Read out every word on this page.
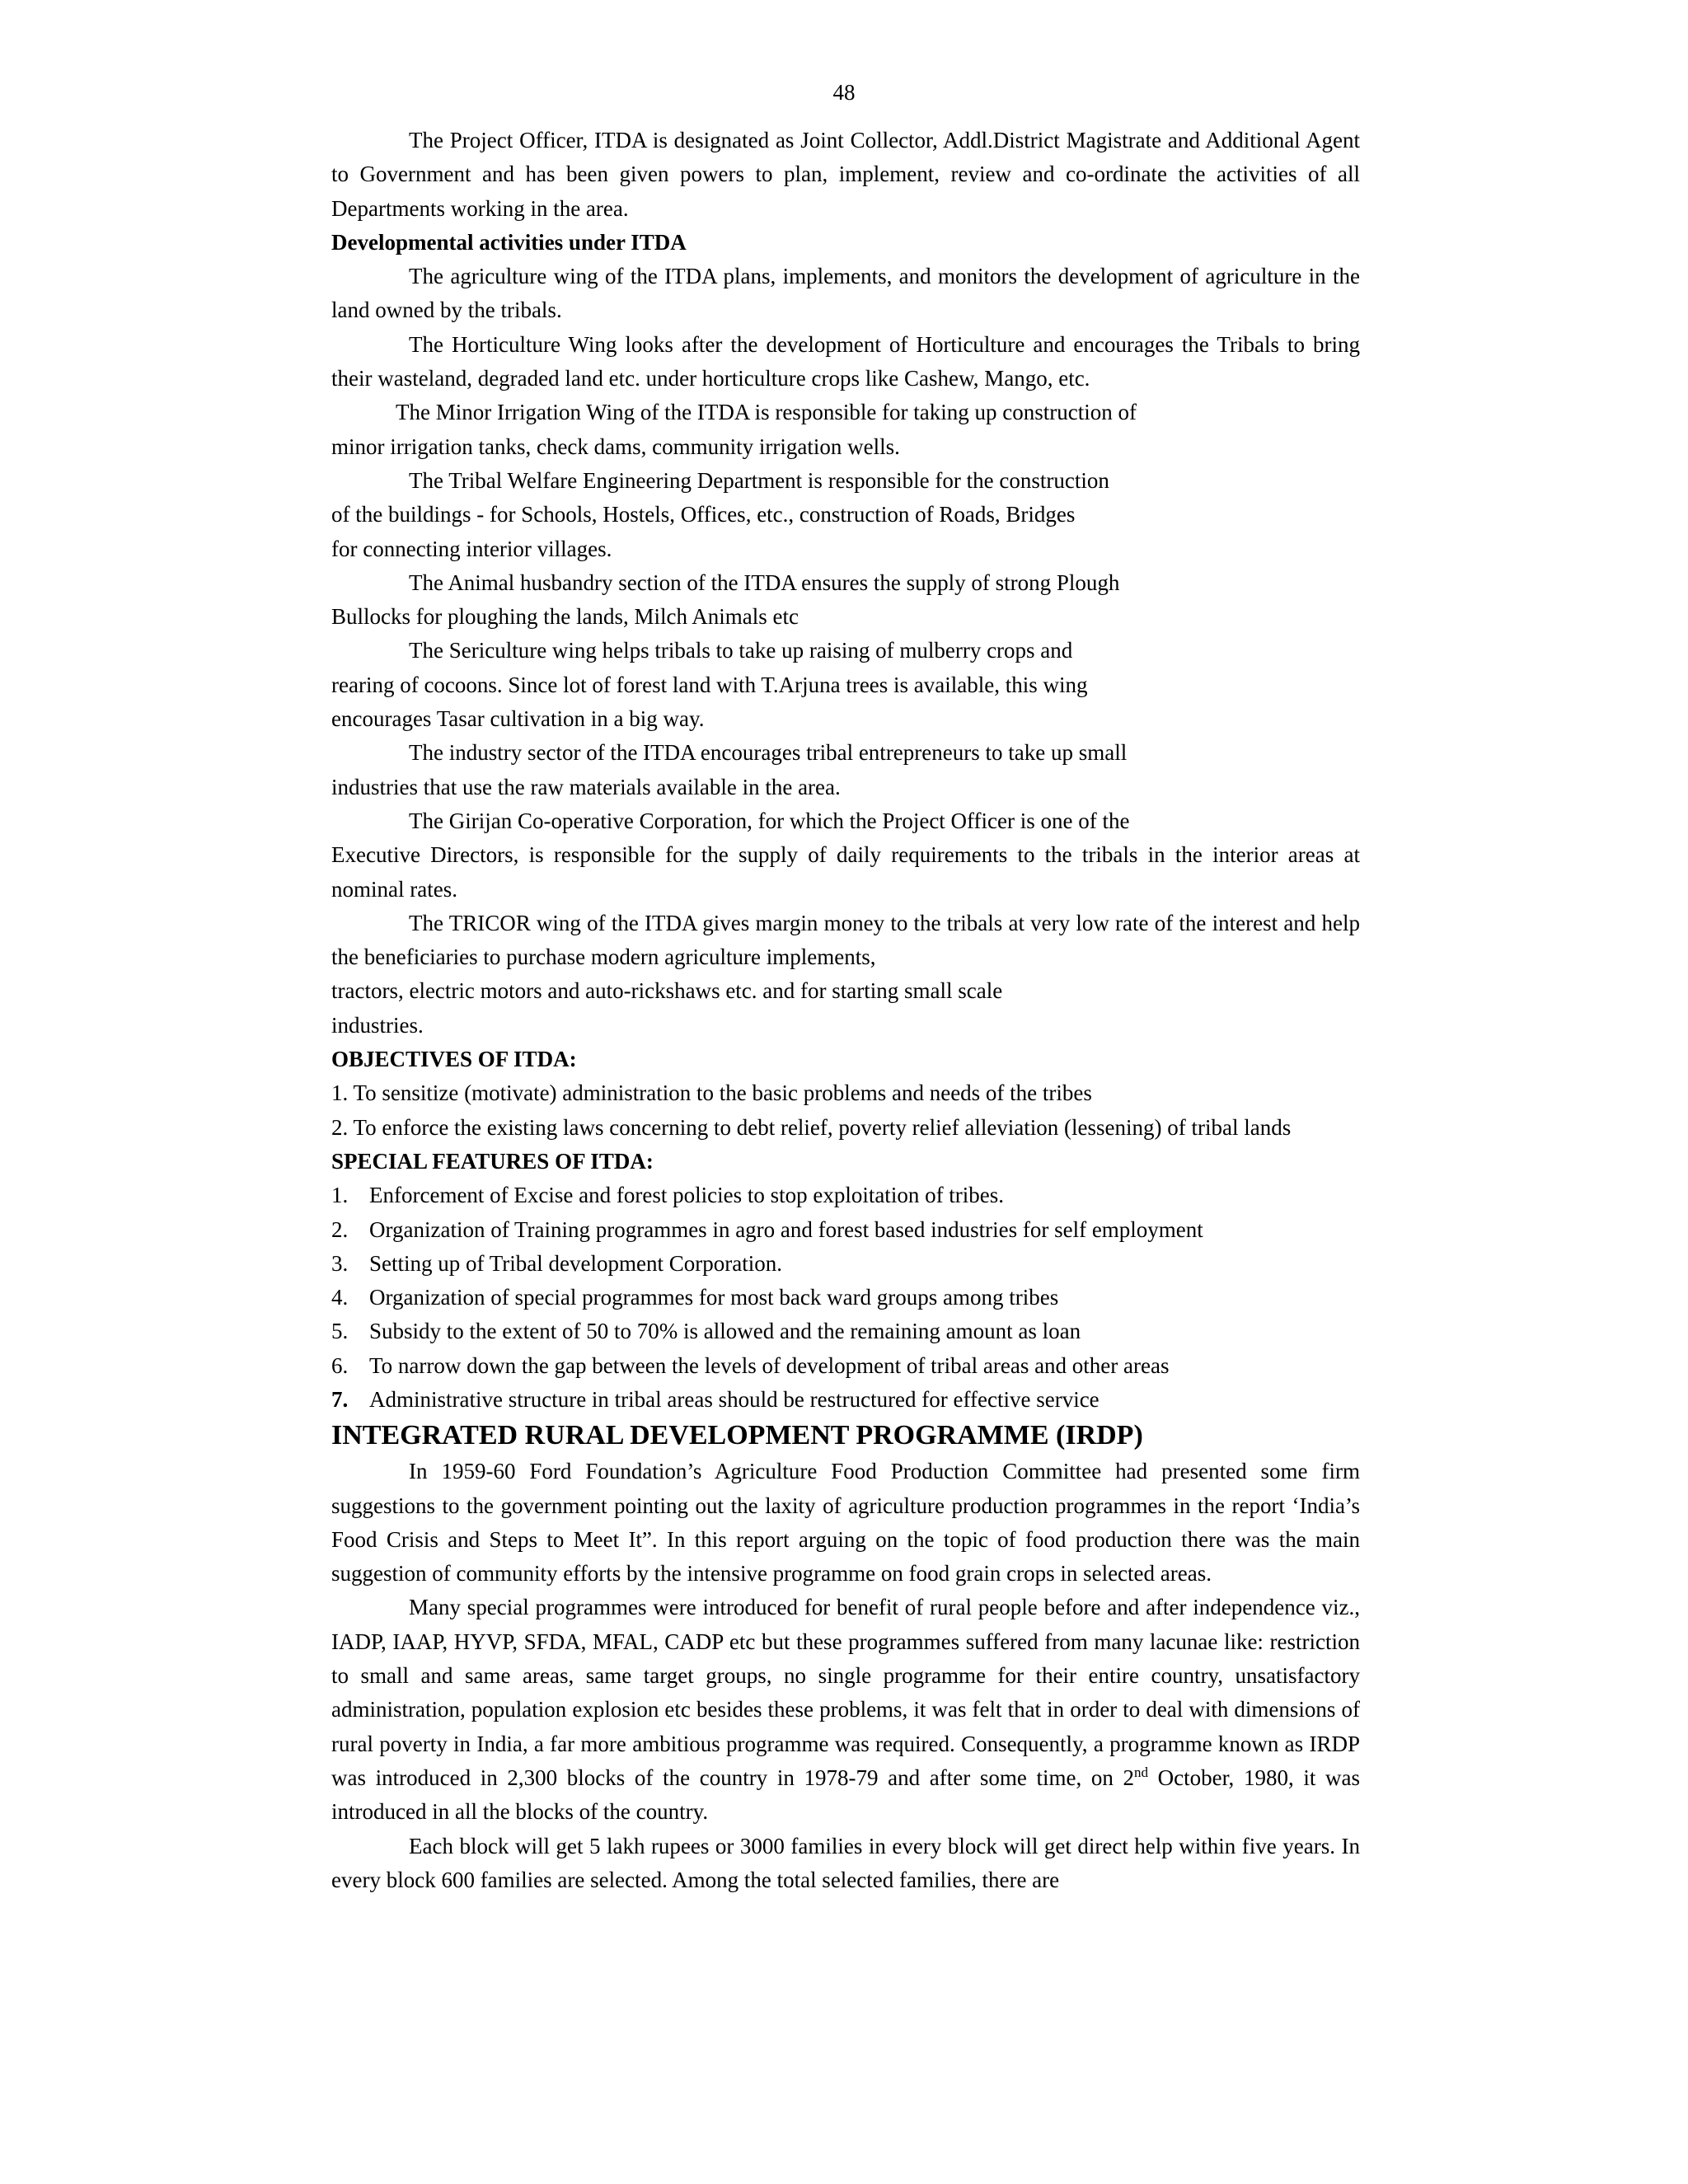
48

The Project Officer, ITDA is designated as Joint Collector, Addl.District Magistrate and Additional Agent to Government and has been given powers to plan, implement, review and co-ordinate the activities of all Departments working in the area.

Developmental activities under ITDA

The agriculture wing of the ITDA plans, implements, and monitors the development of agriculture in the land owned by the tribals.

The Horticulture Wing looks after the development of Horticulture and encourages the Tribals to bring their wasteland, degraded land etc. under horticulture crops like Cashew, Mango, etc.

The Minor Irrigation Wing of the ITDA is responsible for taking up construction of

minor irrigation tanks, check dams, community irrigation wells.

The Tribal Welfare Engineering Department is responsible for the construction

of the buildings - for Schools, Hostels, Offices, etc., construction of Roads, Bridges

for connecting interior villages.

The Animal husbandry section of the ITDA ensures the supply of strong Plough

Bullocks for ploughing the lands, Milch Animals etc

The Sericulture wing helps tribals to take up raising of mulberry crops and

rearing of cocoons. Since lot of forest land with T.Arjuna trees is available, this wing

encourages Tasar cultivation in a big way.

The industry sector of the ITDA encourages tribal entrepreneurs to take up small

industries that use the raw materials available in the area.

The Girijan Co-operative Corporation, for which the Project Officer is one of the

Executive Directors, is responsible for the supply of daily requirements to the tribals in the interior areas at nominal rates.

The TRICOR wing of the ITDA gives margin money to the tribals at very low rate of the interest and help the beneficiaries to purchase modern agriculture implements,

tractors, electric motors and auto-rickshaws etc. and for starting small scale

industries.

OBJECTIVES OF ITDA:
1. To sensitize (motivate) administration to the basic problems and needs of the tribes
2. To enforce the existing laws concerning to debt relief, poverty relief alleviation (lessening) of tribal lands
SPECIAL FEATURES OF ITDA:
1. Enforcement of Excise and forest policies to stop exploitation of tribes.
2. Organization of Training programmes in agro and forest based industries for self employment
3. Setting up of Tribal development Corporation.
4. Organization of special programmes for most back ward groups among tribes
5. Subsidy to the extent of 50 to 70% is allowed and the remaining amount as loan
6. To narrow down the gap between the levels of development of tribal areas and other areas
7. Administrative structure in tribal areas should be restructured for effective service
INTEGRATED RURAL DEVELOPMENT PROGRAMME (IRDP)

In 1959-60 Ford Foundation’s Agriculture Food Production Committee had presented some firm suggestions to the government pointing out the laxity of agriculture production programmes in the report ‘India’s Food Crisis and Steps to Meet It”. In this report arguing on the topic of food production there was the main suggestion of community efforts by the intensive programme on food grain crops in selected areas.

Many special programmes were introduced for benefit of rural people before and after independence viz., IADP, IAAP, HYVP, SFDA, MFAL, CADP etc but these programmes suffered from many lacunae like: restriction to small and same areas, same target groups, no single programme for their entire country, unsatisfactory administration, population explosion etc besides these problems, it was felt that in order to deal with dimensions of rural poverty in India, a far more ambitious programme was required. Consequently, a programme known as IRDP was introduced in 2,300 blocks of the country in 1978-79 and after some time, on 2nd October, 1980, it was introduced in all the blocks of the country.

Each block will get 5 lakh rupees or 3000 families in every block will get direct help within five years. In every block 600 families are selected. Among the total selected families, there are
